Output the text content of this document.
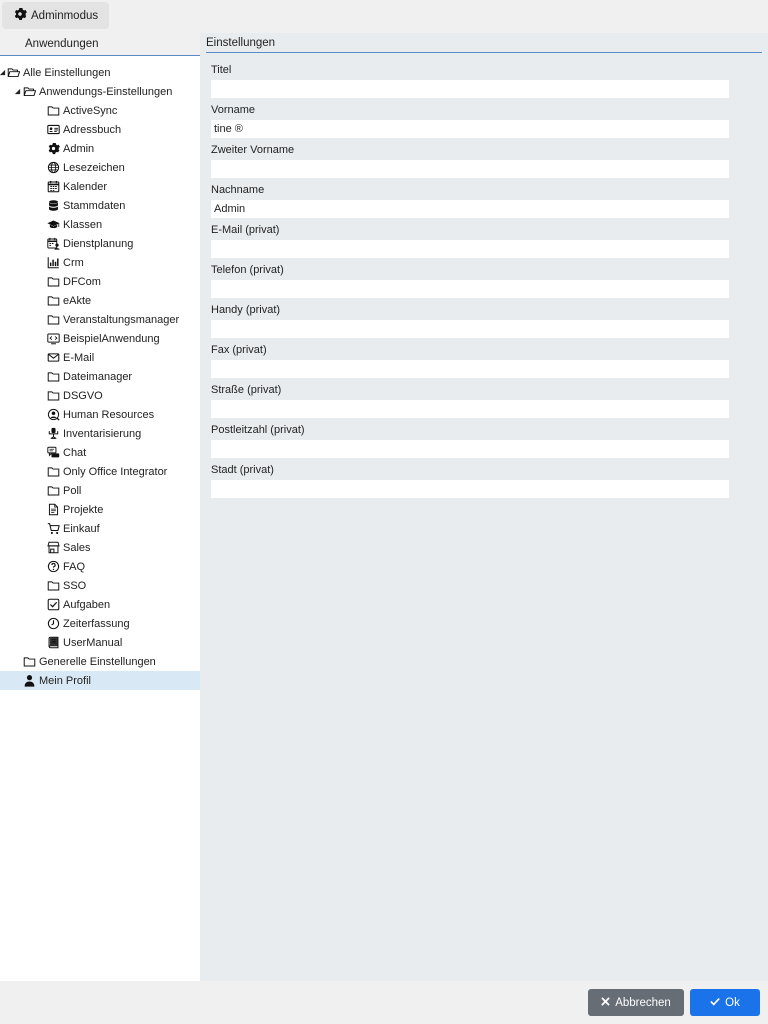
Adminmodus
Anwendungen
Alle Einstellungen
Anwendungs-Einstellungen
ActiveSync
Adressbuch
Admin
Lesezeichen
Kalender
Stammdaten
Klassen
Dienstplanung
Crm
DFCom
eAkte
Veranstaltungsmanager
BeispielAnwendung
E-Mail
Dateimanager
DSGVO
Human Resources
Inventarisierung
Chat
Only Office Integrator
Poll
Projekte
Einkauf
Sales
FAQ
SSO
Aufgaben
Zeiterfassung
UserManual
Generelle Einstellungen
Mein Profil
Einstellungen
Titel
Vorname
tine ®
Zweiter Vorname
Nachname
Admin
E-Mail (privat)
Telefon (privat)
Handy (privat)
Fax (privat)
Straße (privat)
Postleitzahl (privat)
Stadt (privat)
Abbrechen	Ok
